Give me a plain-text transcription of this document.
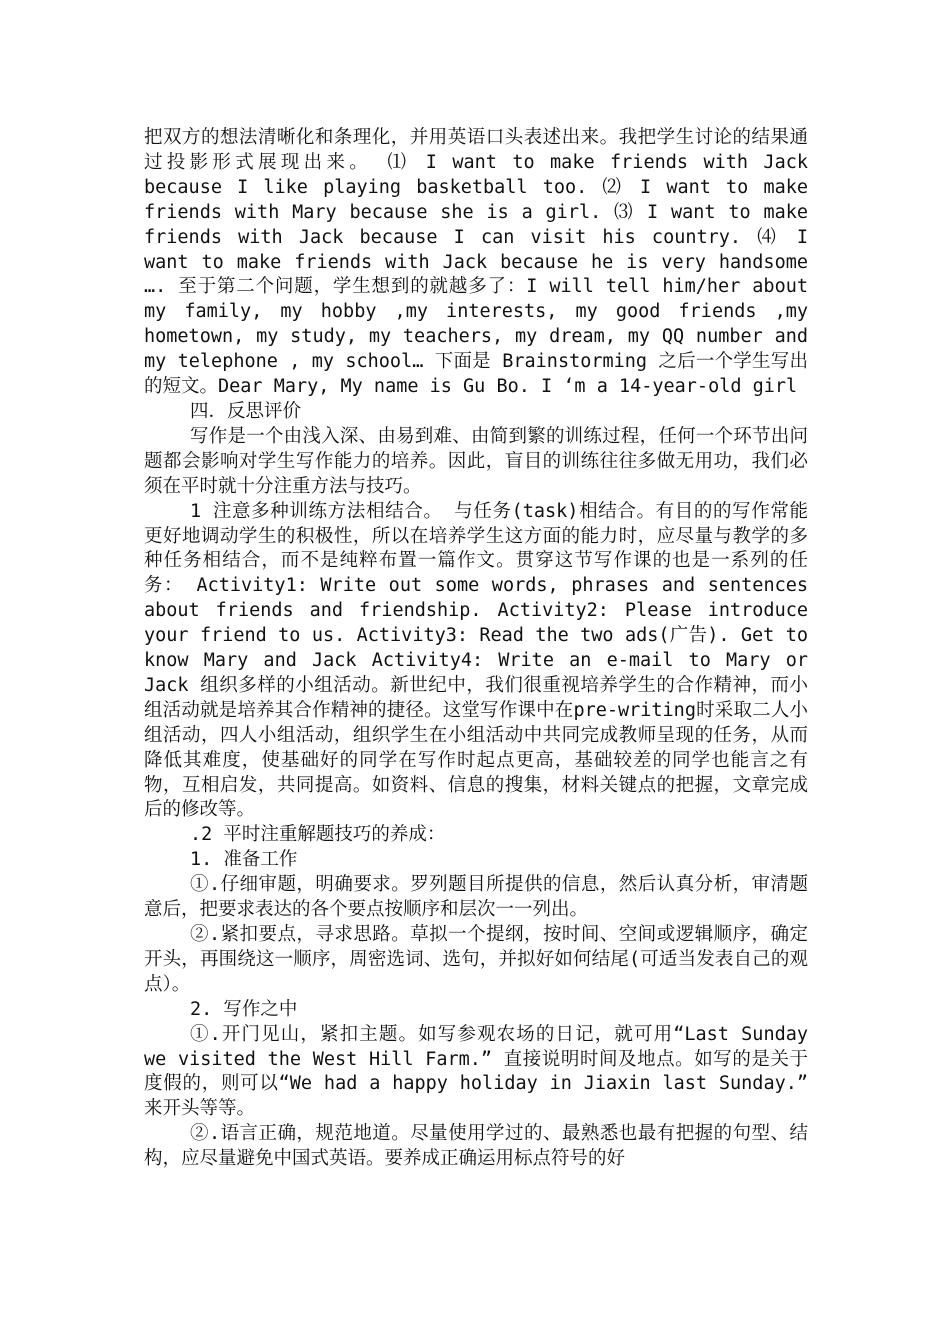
把双方的想法清晰化和条理化，并用英语口头表述出来。我把学生讨论的结果通过投影形式展现出来。 ⑴ I want to make friends with Jack because I like playing basketball too. ⑵ I want to make friends with Mary because she is a girl. ⑶ I want to make friends with Jack because I can visit his country. ⑷ I want to make friends with Jack because he is very handsome …. 至于第二个问题，学生想到的就越多了：I will tell him/her about my family, my hobby ,my interests, my good friends ,my hometown, my study, my teachers, my dream, my QQ number and my telephone , my school… 下面是 Brainstorming 之后一个学生写出的短文。Dear Mary, My name is Gu Bo. I ‘m a 14-year-old girl

四．反思评价

写作是一个由浅入深、由易到难、由简到繁的训练过程，任何一个环节出问题都会影响对学生写作能力的培养。因此，盲目的训练往往多做无用功，我们必须在平时就十分注重方法与技巧。

1 注意多种训练方法相结合。 与任务(task)相结合。有目的的写作常能更好地调动学生的积极性，所以在培养学生这方面的能力时，应尽量与教学的多种任务相结合，而不是纯粹布置一篇作文。贯穿这节写作课的也是一系列的任务： Activity1: Write out some words, phrases and sentences about friends and friendship. Activity2: Please introduce your friend to us. Activity3: Read the two ads(广告). Get to know Mary and Jack Activity4: Write an e-mail to Mary or Jack 组织多样的小组活动。新世纪中，我们很重视培养学生的合作精神，而小组活动就是培养其合作精神的捷径。这堂写作课中在pre-writing时采取二人小组活动，四人小组活动，组织学生在小组活动中共同完成教师呈现的任务，从而降低其难度，使基础好的同学在写作时起点更高，基础较差的同学也能言之有物，互相启发，共同提高。如资料、信息的搜集，材料关键点的把握，文章完成后的修改等。

.2 平时注重解题技巧的养成：

1. 准备工作

①.仔细审题，明确要求。罗列题目所提供的信息，然后认真分析，审清题意后，把要求表达的各个要点按顺序和层次一一列出。

②.紧扣要点，寻求思路。草拟一个提纲，按时间、空间或逻辑顺序，确定开头，再围绕这一顺序，周密选词、选句，并拟好如何结尾(可适当发表自己的观点）。

2. 写作之中

①.开门见山，紧扣主题。如写参观农场的日记，就可用“Last Sunday we visited the West Hill Farm.” 直接说明时间及地点。如写的是关于度假的，则可以“We had a happy holiday in Jiaxin last Sunday.” 来开头等等。

②.语言正确，规范地道。尽量使用学过的、最熟悉也最有把握的句型、结构，应尽量避免中国式英语。要养成正确运用标点符号的好
